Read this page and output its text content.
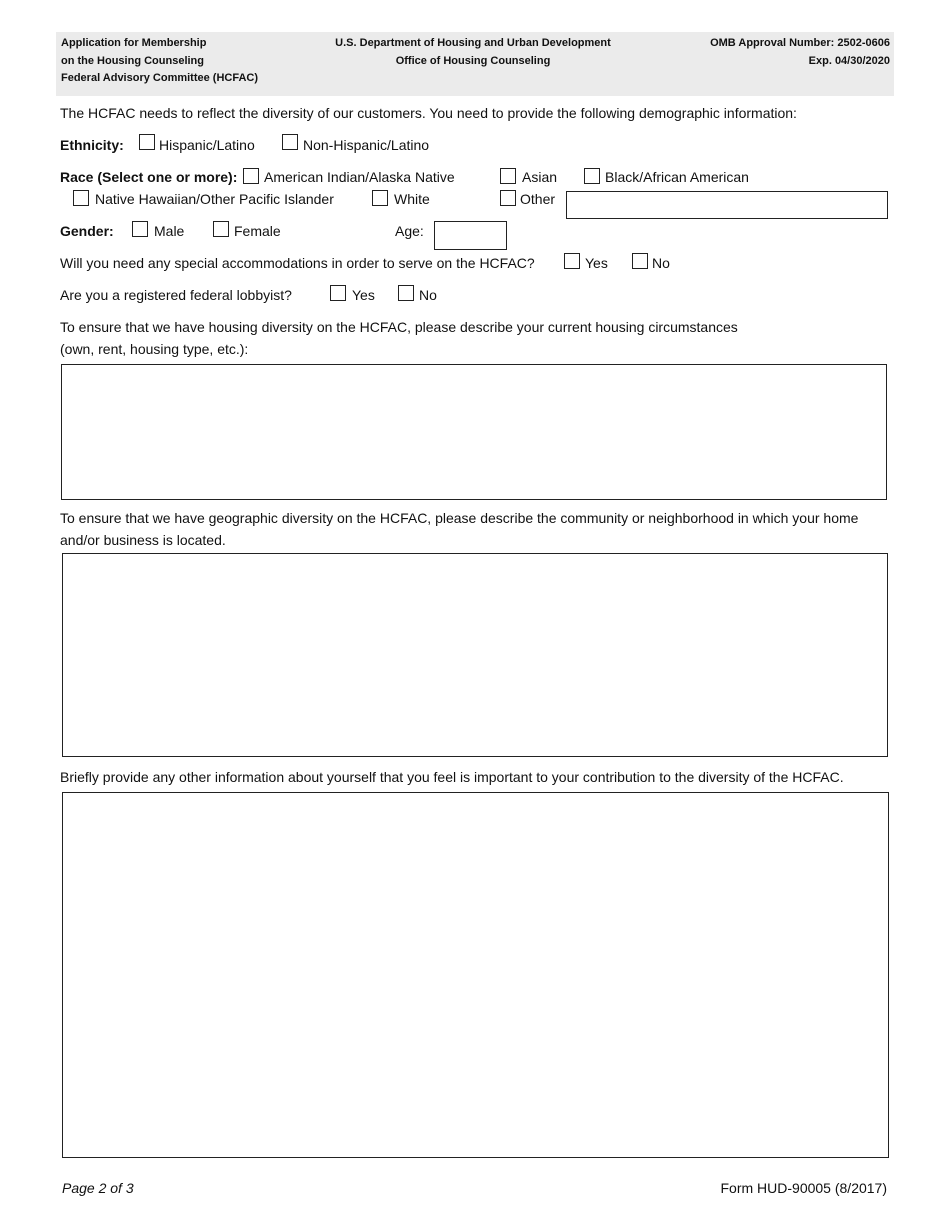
Application for Membership
on the Housing Counseling
Federal Advisory Committee (HCFAC)
U.S. Department of Housing and Urban Development
Office of Housing Counseling
OMB Approval Number: 2502-0606
Exp. 04/30/2020
The HCFAC needs to reflect the diversity of our customers. You need to provide the following demographic information:
Ethnicity:	Hispanic/Latino	Non-Hispanic/Latino
Race (Select one or more): American Indian/Alaska Native	Asian	Black/African American
Native Hawaiian/Other Pacific Islander	White	Other
Gender:	Male	Female	Age:
Will you need any special accommodations in order to serve on the HCFAC?	Yes	No
Are you a registered federal lobbyist?	Yes	No
To ensure that we have housing diversity on the HCFAC, please describe your current housing circumstances
(own, rent, housing type, etc.):
To ensure that we have geographic diversity on the HCFAC, please describe the community or neighborhood in which your home
and/or business is located.
Briefly provide any other information about yourself that you feel is important to your contribution to the diversity of the HCFAC.
Page 2 of 3	Form HUD-90005 (8/2017)
